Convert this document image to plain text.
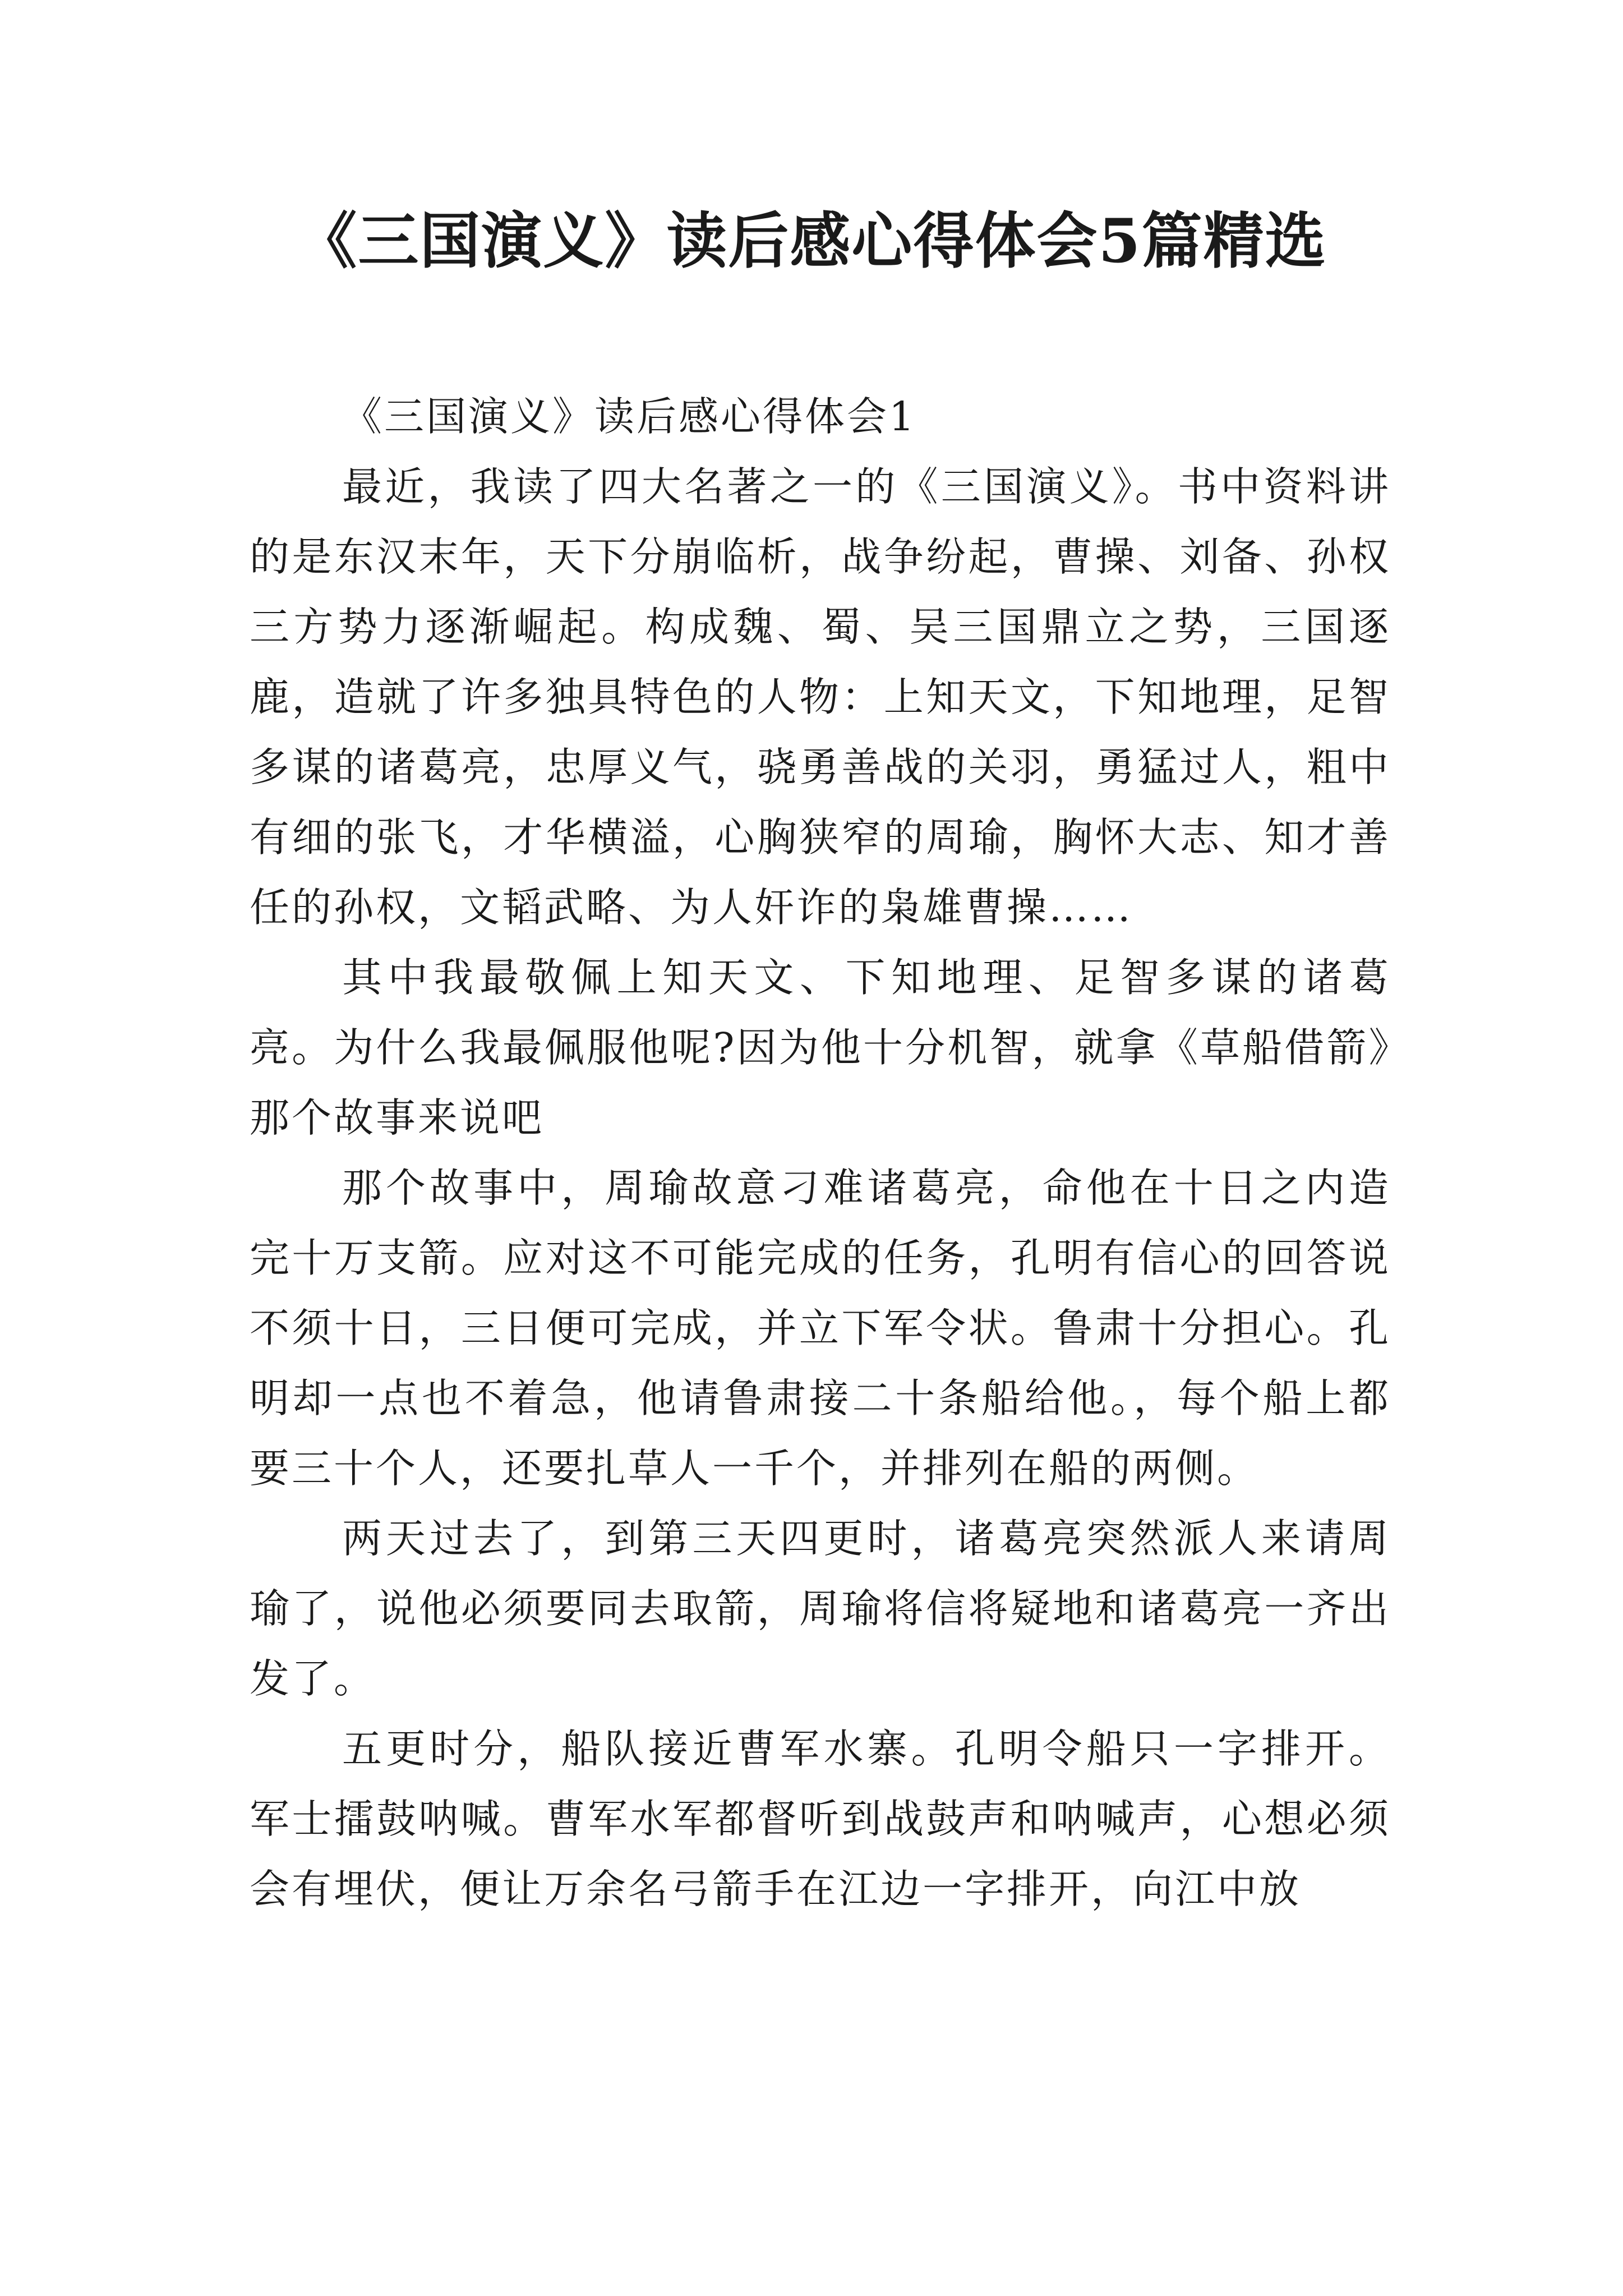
《三国演义》读后感心得体会5篇精选

《三国演义》读后感心得体会1

最近，我读了四大名著之一的《三国演义》。书中资料讲的是东汉末年，天下分崩临析，战争纷起，曹操、刘备、孙权三方势力逐渐崛起。构成魏、蜀、吴三国鼎立之势，三国逐鹿，造就了许多独具特色的人物：上知天文，下知地理，足智多谋的诸葛亮，忠厚义气，骁勇善战的关羽，勇猛过人，粗中有细的张飞，才华横溢，心胸狭窄的周瑜，胸怀大志、知才善任的孙权，文韬武略、为人奸诈的枭雄曹操……

其中我最敬佩上知天文、下知地理、足智多谋的诸葛亮。为什么我最佩服他呢?因为他十分机智，就拿《草船借箭》那个故事来说吧

那个故事中，周瑜故意刁难诸葛亮，命他在十日之内造完十万支箭。应对这不可能完成的任务，孔明有信心的回答说不须十日，三日便可完成，并立下军令状。鲁肃十分担心。孔明却一点也不着急，他请鲁肃接二十条船给他。，每个船上都要三十个人，还要扎草人一千个，并排列在船的两侧。

两天过去了，到第三天四更时，诸葛亮突然派人来请周瑜了，说他必须要同去取箭，周瑜将信将疑地和诸葛亮一齐出发了。

五更时分，船队接近曹军水寨。孔明令船只一字排开。军士擂鼓呐喊。曹军水军都督听到战鼓声和呐喊声，心想必须会有埋伏，便让万余名弓箭手在江边一字排开，向江中放
